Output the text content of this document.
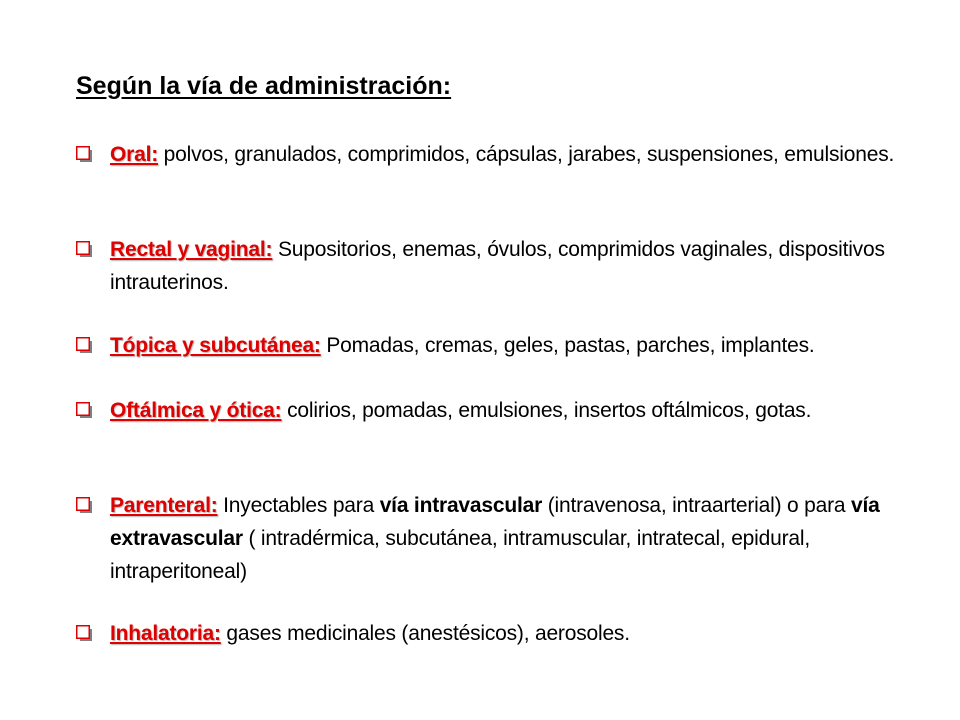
Según la vía de administración:
Oral: polvos, granulados, comprimidos, cápsulas, jarabes, suspensiones, emulsiones.
Rectal y vaginal: Supositorios, enemas, óvulos, comprimidos vaginales, dispositivos intrauterinos.
Tópica y subcutánea: Pomadas, cremas, geles, pastas, parches, implantes.
Oftálmica y ótica: colirios, pomadas, emulsiones, insertos oftálmicos, gotas.
Parenteral: Inyectables para vía intravascular (intravenosa, intraarterial) o para vía extravascular ( intradérmica, subcutánea, intramuscular, intratecal, epidural, intraperitoneal)
Inhalatoria: gases medicinales (anestésicos), aerosoles.
